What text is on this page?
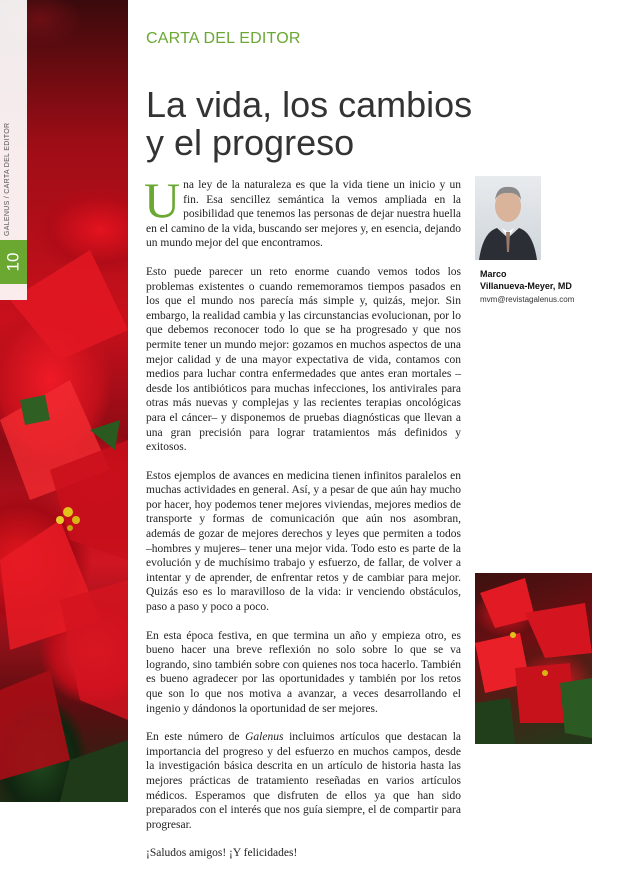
GALENUS / CARTA DEL EDITOR
10
CARTA DEL EDITOR
La vida, los cambios
y el progreso

Una ley de la naturaleza es que la vida tiene un inicio y un fin. Esa sencillez semántica la vemos ampliada en la posibilidad que tenemos las personas de dejar nuestra huella en el camino de la vida, buscando ser mejores y, en esencia, dejando un mundo mejor del que encontramos.

Esto puede parecer un reto enorme cuando vemos todos los problemas existentes o cuando rememoramos tiempos pasados en los que el mundo nos parecía más simple y, quizás, mejor. Sin embargo, la realidad cambia y las circunstancias evolucionan, por lo que debemos reconocer todo lo que se ha progresado y que nos permite tener un mundo mejor: gozamos en muchos aspectos de una mejor calidad y de una mayor expectativa de vida, contamos con medios para luchar contra enfermedades que antes eran mortales –desde los antibióticos para muchas infecciones, los antivirales para otras más nuevas y complejas y las recientes terapias oncológicas para el cáncer– y disponemos de pruebas diagnósticas que llevan a una gran precisión para lograr tratamientos más definidos y exitosos.

Estos ejemplos de avances en medicina tienen infinitos paralelos en muchas actividades en general. Así, y a pesar de que aún hay mucho por hacer, hoy podemos tener mejores viviendas, mejores medios de transporte y formas de comunicación que aún nos asombran, además de gozar de mejores derechos y leyes que permiten a todos –hombres y mujeres– tener una mejor vida. Todo esto es parte de la evolución y de muchísimo trabajo y esfuerzo, de fallar, de volver a intentar y de aprender, de enfrentar retos y de cambiar para mejor. Quizás eso es lo maravilloso de la vida: ir venciendo obstáculos, paso a paso y poco a poco.

En esta época festiva, en que termina un año y empieza otro, es bueno hacer una breve reflexión no solo sobre lo que se va logrando, sino también sobre con quienes nos toca hacerlo. También es bueno agradecer por las oportunidades y también por los retos que son lo que nos motiva a avanzar, a veces desarrollando el ingenio y dándonos la oportunidad de ser mejores.

En este número de Galenus incluimos artículos que destacan la importancia del progreso y del esfuerzo en muchos campos, desde la investigación básica descrita en un artículo de historia hasta las mejores prácticas de tratamiento reseñadas en varios artículos médicos. Esperamos que disfruten de ellos ya que han sido preparados con el interés que nos guía siempre, el de compartir para progresar.

¡Saludos amigos! ¡Y felicidades!

Marco
Villanueva-Meyer, MD
mvm@revistagalenus.com
